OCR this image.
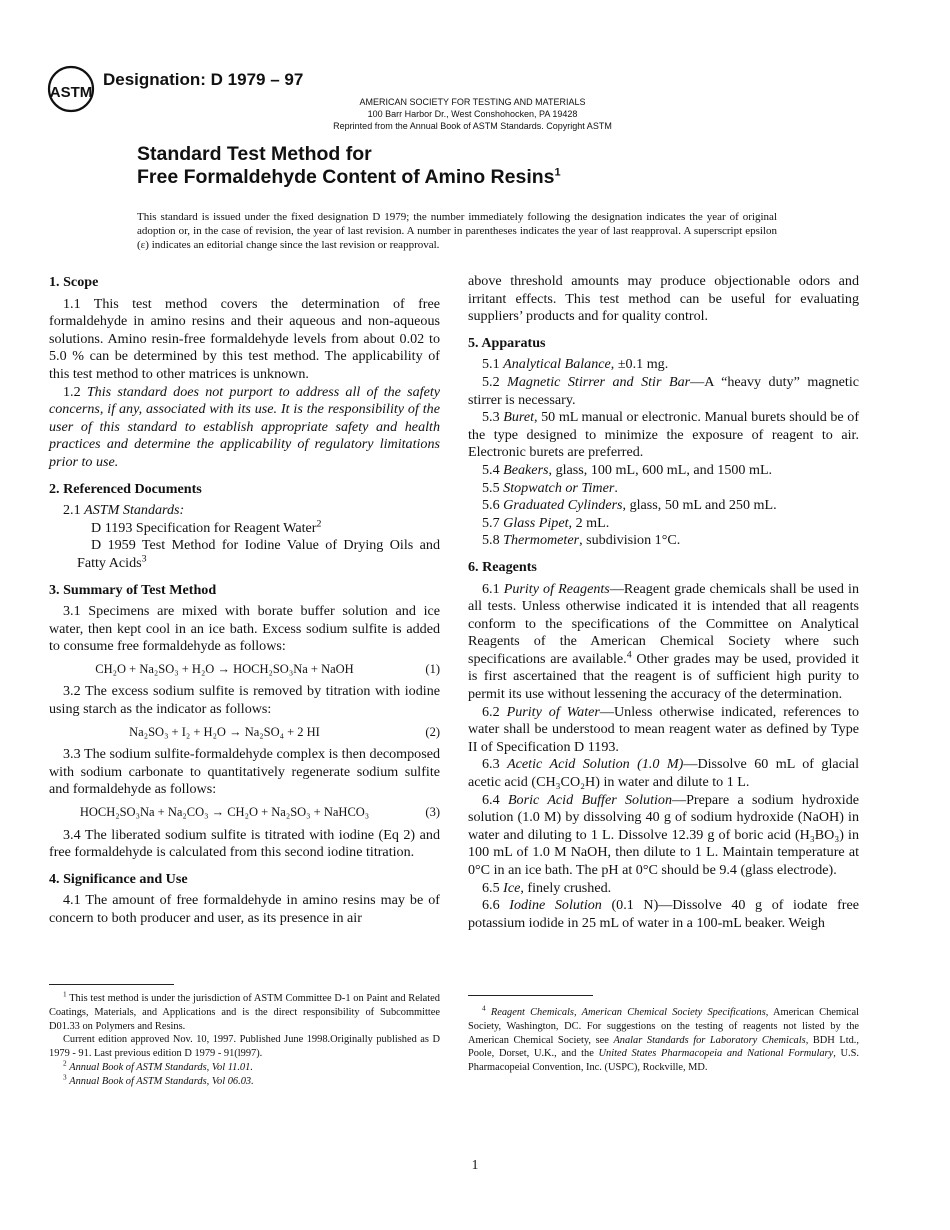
ASTM
Designation: D 1979 – 97
AMERICAN SOCIETY FOR TESTING AND MATERIALS
100 Barr Harbor Dr., West Conshohocken, PA 19428
Reprinted from the Annual Book of ASTM Standards. Copyright ASTM
Standard Test Method for
Free Formaldehyde Content of Amino Resins$^1$
This standard is issued under the fixed designation D 1979; the number immediately following the designation indicates the year of original adoption or, in the case of revision, the year of last revision. A number in parentheses indicates the year of last reapproval. A superscript epsilon (ε) indicates an editorial change since the last revision or reapproval.
1. Scope

1.1 This test method covers the determination of free formaldehyde in amino resins and their aqueous and non-aqueous solutions. Amino resin-free formaldehyde levels from about 0.02 to 5.0 % can be determined by this test method. The applicability of this test method to other matrices is unknown.

1.2 This standard does not purport to address all of the safety concerns, if any, associated with its use. It is the responsibility of the user of this standard to establish appropriate safety and health practices and determine the applicability of regulatory limitations prior to use.

2. Referenced Documents

2.1 ASTM Standards:

D 1193 Specification for Reagent Water$^2$

D 1959 Test Method for Iodine Value of Drying Oils and Fatty Acids$^3$

3. Summary of Test Method

3.1 Specimens are mixed with borate buffer solution and ice water, then kept cool in an ice bath. Excess sodium sulfite is added to consume free formaldehyde as follows:

CH₂O + Na₂SO₃ + H₂O → HOCH₂SO₃Na + NaOH	(1)

3.2 The excess sodium sulfite is removed by titration with iodine using starch as the indicator as follows:

Na₂SO₃ + I₂ + H₂O → Na₂SO₄ + 2 HI	(2)

3.3 The sodium sulfite-formaldehyde complex is then decomposed with sodium carbonate to quantitatively regenerate sodium sulfite and formaldehyde as follows:

HOCH₂SO₃Na + Na₂CO₃ → CH₂O + Na₂SO₃ + NaHCO₃	(3)

3.4 The liberated sodium sulfite is titrated with iodine (Eq 2) and free formaldehyde is calculated from this second iodine titration.

4. Significance and Use

4.1 The amount of free formaldehyde in amino resins may be of concern to both producer and user, as its presence in air

$^1$ This test method is under the jurisdiction of ASTM Committee D-1 on Paint and Related Coatings, Materials, and Applications and is the direct responsibility of Subcommittee D01.33 on Polymers and Resins.

Current edition approved Nov. 10, 1997. Published June 1998.Originally published as D 1979 - 91. Last previous edition D 1979 - 91(l997).

$^2$ Annual Book of ASTM Standards, Vol 11.01.

$^3$ Annual Book of ASTM Standards, Vol 06.03.

above threshold amounts may produce objectionable odors and irritant effects. This test method can be useful for evaluating suppliers’ products and for quality control.

5. Apparatus

5.1 Analytical Balance, ±0.1 mg.

5.2 Magnetic Stirrer and Stir Bar—A “heavy duty” magnetic stirrer is necessary.

5.3 Buret, 50 mL manual or electronic. Manual burets should be of the type designed to minimize the exposure of reagent to air. Electronic burets are preferred.

5.4 Beakers, glass, 100 mL, 600 mL, and 1500 mL.

5.5 Stopwatch or Timer.

5.6 Graduated Cylinders, glass, 50 mL and 250 mL.

5.7 Glass Pipet, 2 mL.

5.8 Thermometer, subdivision 1°C.

6. Reagents

6.1 Purity of Reagents—Reagent grade chemicals shall be used in all tests. Unless otherwise indicated it is intended that all reagents conform to the specifications of the Committee on Analytical Reagents of the American Chemical Society where such specifications are available.$^4$ Other grades may be used, provided it is first ascertained that the reagent is of sufficient high purity to permit its use without lessening the accuracy of the determination.

6.2 Purity of Water—Unless otherwise indicated, references to water shall be understood to mean reagent water as defined by Type II of Specification D 1193.

6.3 Acetic Acid Solution (1.0 M)—Dissolve 60 mL of glacial acetic acid (CH₃CO₂H) in water and dilute to 1 L.

6.4 Boric Acid Buffer Solution—Prepare a sodium hydroxide solution (1.0 M) by dissolving 40 g of sodium hydroxide (NaOH) in water and diluting to 1 L. Dissolve 12.39 g of boric acid (H₃BO₃) in 100 mL of 1.0 M NaOH, then dilute to 1 L. Maintain temperature at 0°C in an ice bath. The pH at 0°C should be 9.4 (glass electrode).

6.5 Ice, finely crushed.

6.6 Iodine Solution (0.1 N)—Dissolve 40 g of iodate free potassium iodide in 25 mL of water in a 100-mL beaker. Weigh

$^4$ Reagent Chemicals, American Chemical Society Specifications, American Chemical Society, Washington, DC. For suggestions on the testing of reagents not listed by the American Chemical Society, see Analar Standards for Laboratory Chemicals, BDH Ltd., Poole, Dorset, U.K., and the United States Pharmacopeia and National Formulary, U.S. Pharmacopeial Convention, Inc. (USPC), Rockville, MD.

1
